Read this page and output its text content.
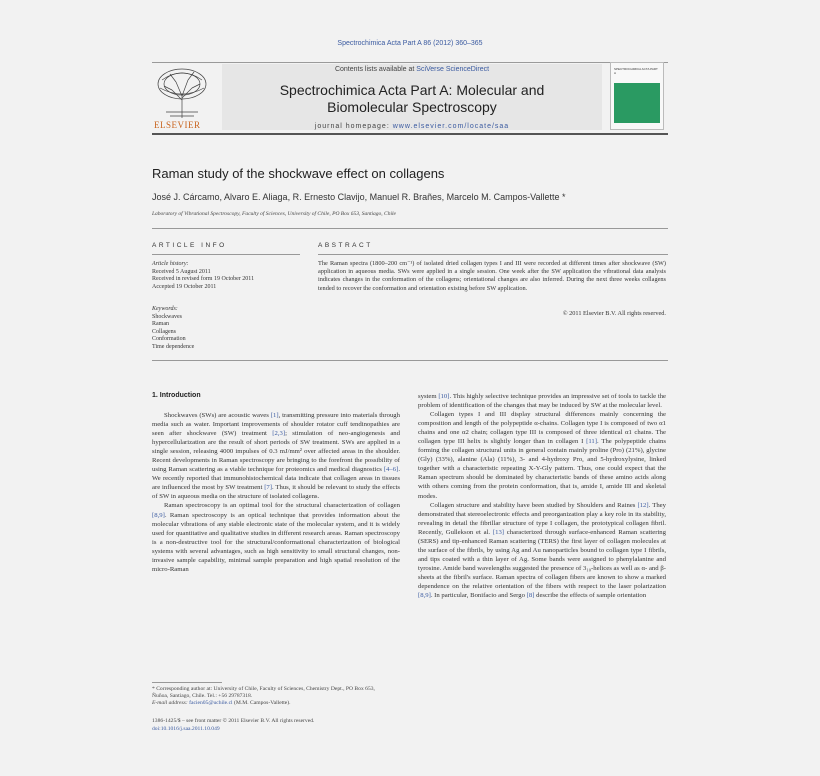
Spectrochimica Acta Part A 86 (2012) 360–365
ELSEVIER
Contents lists available at SciVerse ScienceDirect
Spectrochimica Acta Part A: Molecular and
Biomolecular Spectroscopy
journal homepage: www.elsevier.com/locate/saa
SPECTROCHIMICA ACTA PART A
Raman study of the shockwave effect on collagens
José J. Cárcamo, Alvaro E. Aliaga, R. Ernesto Clavijo, Manuel R. Brañes, Marcelo M. Campos-Vallette *
Laboratory of Vibrational Spectroscopy, Faculty of Sciences, University of Chile, PO Box 653, Santiago, Chile
ARTICLE INFO	ABSTRACT
Article history:
Received 5 August 2011
Received in revised form 19 October 2011
Accepted 19 October 2011
Keywords:
Shockwaves
Raman
Collagens
Conformation
Time dependence
The Raman spectra (1800–200 cm⁻¹) of isolated dried collagen types I and III were recorded at different times after shockwave (SW) application in aqueous media. SWs were applied in a single session. One week after the SW application the vibrational data analysis indicates changes in the conformation of the collagens; orientational changes are also inferred. During the next three weeks collagens tended to recover the conformation and orientation existing before SW application.
© 2011 Elsevier B.V. All rights reserved.
1. Introduction

Shockwaves (SWs) are acoustic waves [1], transmitting pressure into materials through media such as water. Important improvements of shoulder rotator cuff tendinopathies are seen after shockwave (SW) treatment [2,3]; stimulation of neo-angiogenesis and hypercellularization are the result of short periods of SW treatment. SWs are applied in a single session, releasing 4000 impulses of 0.3 mJ/mm² over affected areas in the shoulder. Recent developments in Raman spectroscopy are bringing to the forefront the possibility of using Raman scattering as a viable technique for proteomics and medical diagnostics [4–6]. We recently reported that immunohistochemical data indicate that collagen areas in tissues are influenced the most by SW treatment [7]. Thus, it should be relevant to study the effects of SW in aqueous media on the structure of isolated collagens.

Raman spectroscopy is an optimal tool for the structural characterization of collagen [8,9]. Raman spectroscopy is an optical technique that provides information about the molecular vibrations of any stable electronic state of the molecular system, and it is widely used for quantitative and qualitative studies in different research areas. Raman spectroscopy is a non-destructive tool for the structural/conformational characterization of biological systems with several advantages, such as high sensitivity to small structural changes, non-invasive sample capability, minimal sample preparation and high spatial resolution of the micro-Raman

system [10]. This highly selective technique provides an impressive set of tools to tackle the problem of identification of the changes that may be induced by SW at the molecular level.

Collagen types I and III display structural differences mainly concerning the composition and length of the polypeptide α-chains. Collagen type I is composed of two α1 chains and one α2 chain; collagen type III is composed of three identical α1 chains. The collagen type III helix is slightly longer than in collagen I [11]. The polypeptide chains forming the collagen structural units in general contain mainly proline (Pro) (21%), glycine (Gly) (33%), alanine (Ala) (11%), 3- and 4-hydroxy Pro, and 5-hydroxylysine, linked together with a characteristic repeating X-Y-Gly pattern. Thus, one could expect that the Raman spectrum should be dominated by characteristic bands of these amino acids along with others coming from the protein conformation, that is, amide I, amide III and skeletal modes.

Collagen structure and stability have been studied by Shoulders and Raines [12]. They demonstrated that stereoelectronic effects and preorganization play a key role in its stability, revealing in detail the fibrillar structure of type I collagen, the prototypical collagen fibril. Recently, Gullekson et al. [13] characterized through surface-enhanced Raman scattering (SERS) and tip-enhanced Raman scattering (TERS) the first layer of collagen molecules at the surface of the fibrils, by using Ag and Au nanoparticles bound to collagen type I fibrils, and tips coated with a thin layer of Ag. Some bands were assigned to phenylalanine and tyrosine. Amide band wavelengths suggested the presence of 3₁₀-helices as well as α- and β-sheets at the fibril's surface. Raman spectra of collagen fibers are known to show a marked dependence on the relative orientation of the fibers with respect to the laser polarization [8,9]. In particular, Bonifacio and Sergo [8] describe the effects of sample orientation

* Corresponding author at: University of Chile, Faculty of Sciences, Chemistry Dept., PO Box 653, Ñuñoa, Santiago, Chile. Tel.: +56 29787318.
E-mail address: facien05@uchile.cl (M.M. Campos-Vallette).
1386-1425/$ – see front matter © 2011 Elsevier B.V. All rights reserved.
doi:10.1016/j.saa.2011.10.049
